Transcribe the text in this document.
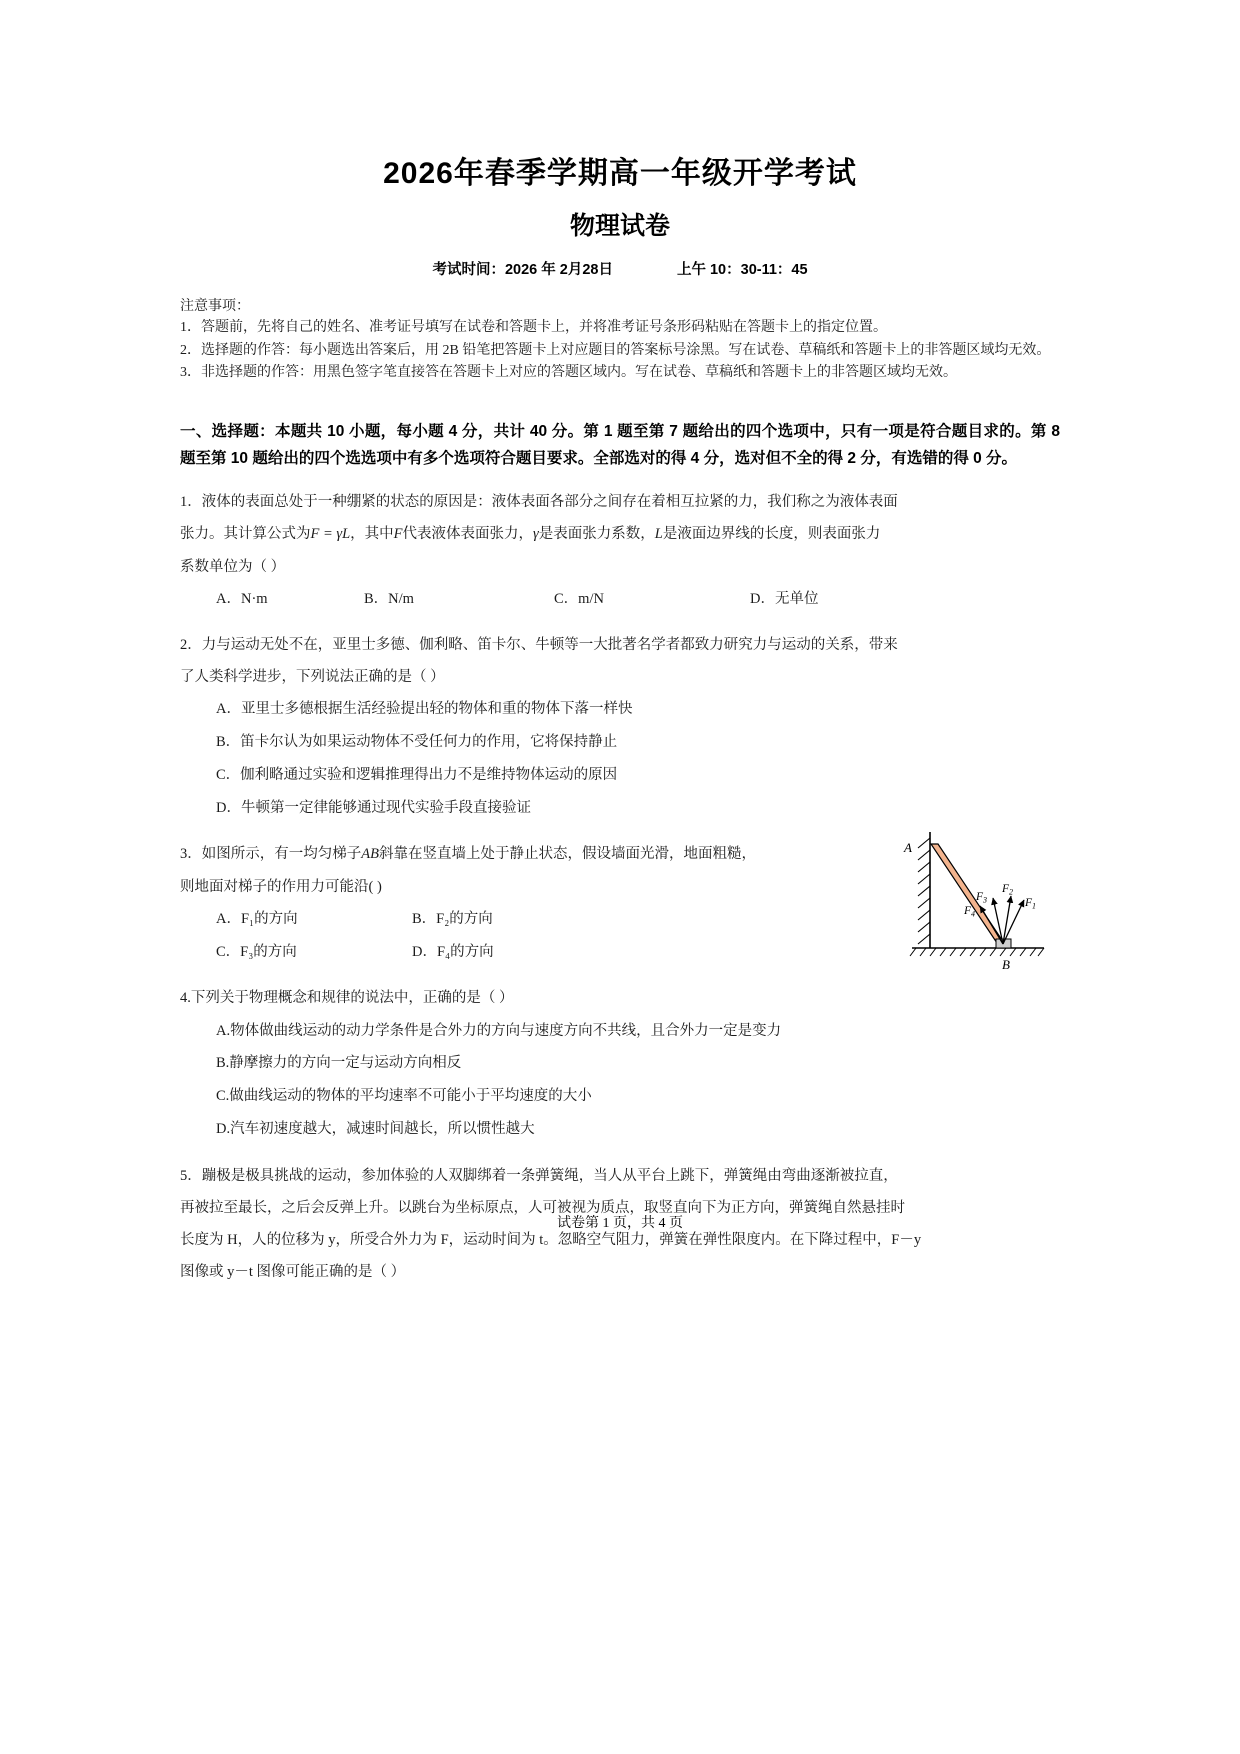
2026年春季学期高一年级开学考试
物理试卷
考试时间：2026 年 2月28日	上午 10：30-11：45
注意事项：
1．答题前，先将自己的姓名、准考证号填写在试卷和答题卡上，并将准考证号条形码粘贴在答题卡上的指定位置。
2．选择题的作答：每小题选出答案后，用 2B 铅笔把答题卡上对应题目的答案标号涂黑。写在试卷、草稿纸和答题卡上的非答题区域均无效。
3．非选择题的作答：用黑色签字笔直接答在答题卡上对应的答题区域内。写在试卷、草稿纸和答题卡上的非答题区域均无效。
一、选择题：本题共 10 小题，每小题 4 分，共计 40 分。第 1 题至第 7 题给出的四个选项中，只有一项是符合题目求的。第 8 题至第 10 题给出的四个选选项中有多个选项符合题目要求。全部选对的得 4 分，选对但不全的得 2 分，有选错的得 0 分。
1．液体的表面总处于一种绷紧的状态的原因是：液体表面各部分之间存在着相互拉紧的力，我们称之为液体表面
张力。其计算公式为F = γL，其中F代表液体表面张力，γ是表面张力系数，L是液面边界线的长度，则表面张力
系数单位为（ ）
A．N·m	B．N/m	C．m/N	D．无单位
2．力与运动无处不在，亚里士多德、伽利略、笛卡尔、牛顿等一大批著名学者都致力研究力与运动的关系，带来
了人类科学进步，下列说法正确的是（ ）
A．亚里士多德根据生活经验提出轻的物体和重的物体下落一样快
B．笛卡尔认为如果运动物体不受任何力的作用，它将保持静止
C．伽利略通过实验和逻辑推理得出力不是维持物体运动的原因
D．牛顿第一定律能够通过现代实验手段直接验证
3．如图所示，有一均匀梯子AB斜靠在竖直墙上处于静止状态，假设墙面光滑，地面粗糙，
则地面对梯子的作用力可能沿( )
A
$F_1$
$F_2$
$F_3$
$F_4$
B
A．F₁的方向	B．F₂的方向
C．F₃的方向	D．F₄的方向
4.下列关于物理概念和规律的说法中，正确的是（ ）
A.物体做曲线运动的动力学条件是合外力的方向与速度方向不共线，且合外力一定是变力
B.静摩擦力的方向一定与运动方向相反
C.做曲线运动的物体的平均速率不可能小于平均速度的大小
D.汽车初速度越大，减速时间越长，所以惯性越大
5．蹦极是极具挑战的运动，参加体验的人双脚绑着一条弹簧绳，当人从平台上跳下，弹簧绳由弯曲逐渐被拉直，
再被拉至最长，之后会反弹上升。以跳台为坐标原点，人可被视为质点，取竖直向下为正方向，弹簧绳自然悬挂时
长度为 H，人的位移为 y，所受合外力为 F，运动时间为 t。忽略空气阻力，弹簧在弹性限度内。在下降过程中，F－y
图像或 y－t 图像可能正确的是（ ）
试卷第 1 页，共 4 页
